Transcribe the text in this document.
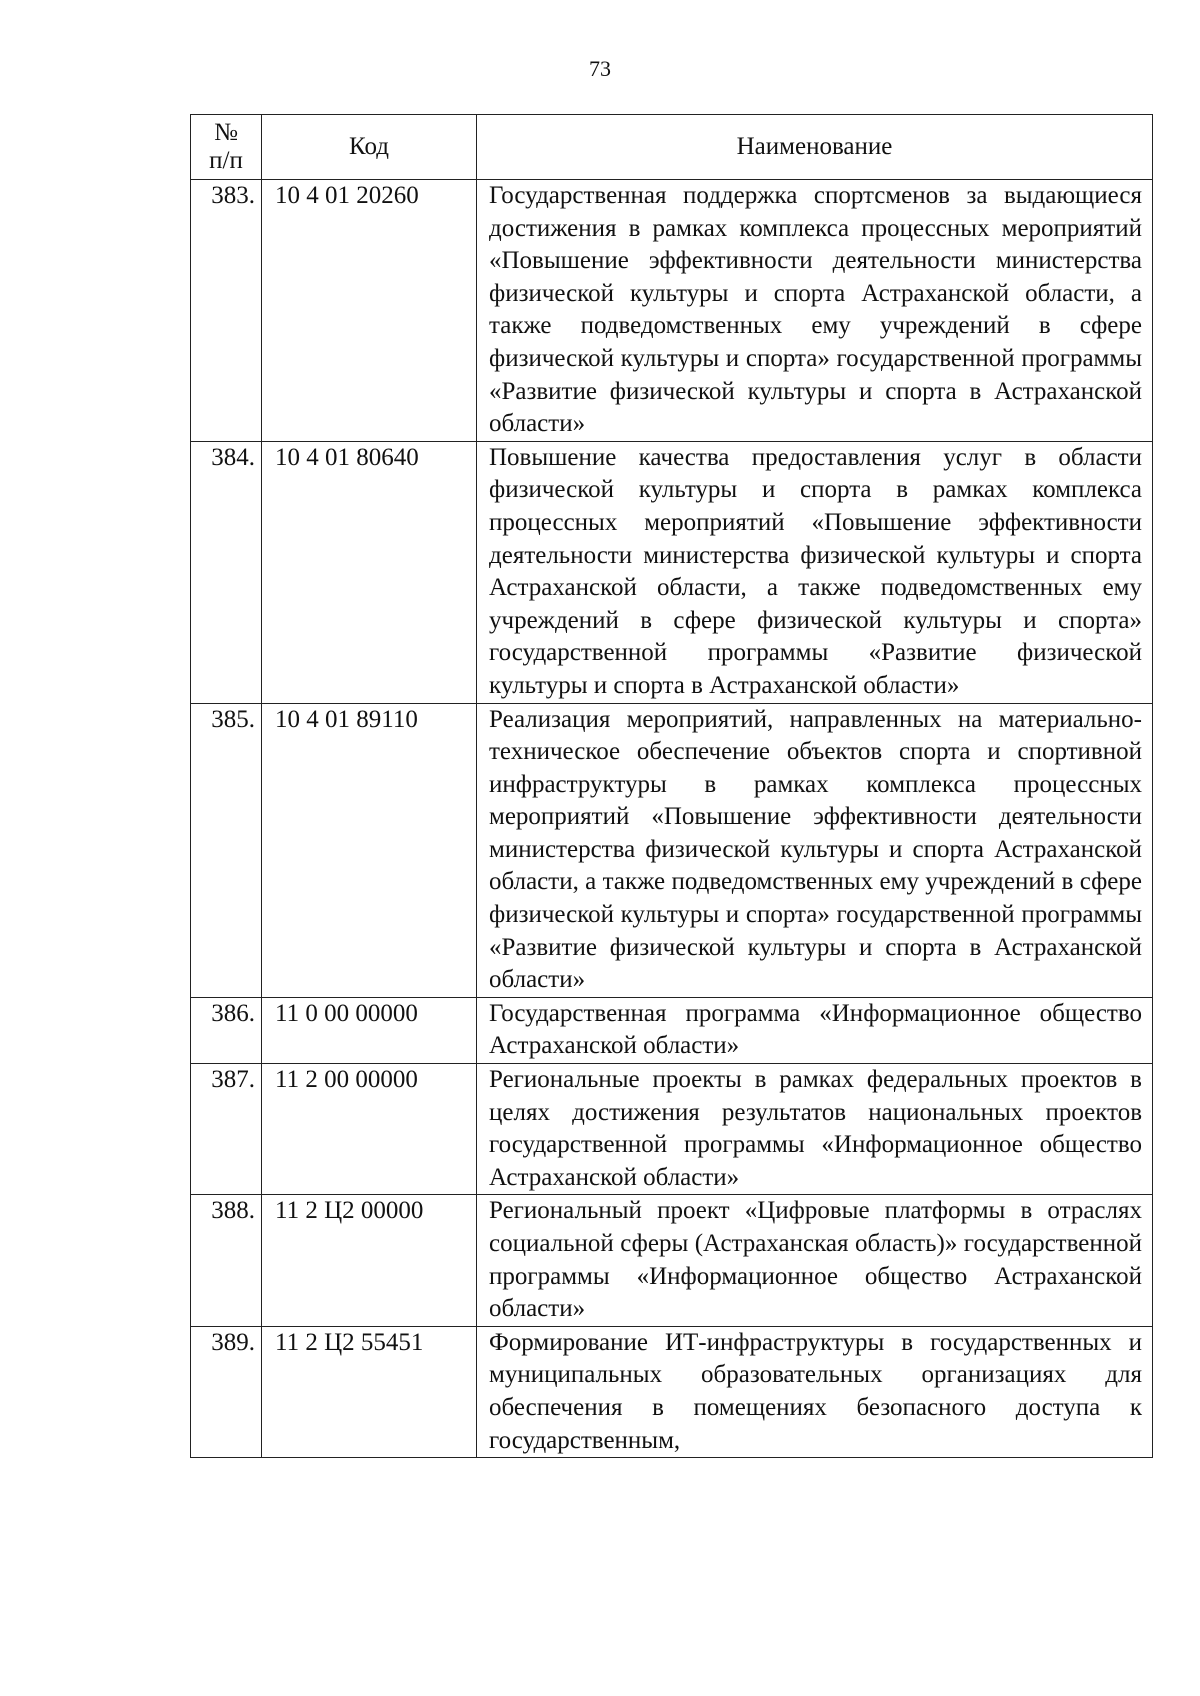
73
№
п/п	Код	Наименование
383.	10 4 01 20260	Государственная поддержка спортсменов за выдающиеся достижения в рамках комплекса процессных мероприятий «Повышение эффективности деятельности министерства физической культуры и спорта Астраханской области, а также подведомственных ему учреждений в сфере физической культуры и спорта» государственной программы «Развитие физической культуры и спорта в Астраханской области»
384.	10 4 01 80640	Повышение качества предоставления услуг в области физической культуры и спорта в рамках комплекса процессных мероприятий «Повышение эффективности деятельности министерства физической культуры и спорта Астраханской области, а также подведомственных ему учреждений в сфере физической культуры и спорта» государственной программы «Развитие физической культуры и спорта в Астраханской области»
385.	10 4 01 89110	Реализация мероприятий, направленных на материально-техническое обеспечение объектов спорта и спортивной инфраструктуры в рамках комплекса процессных мероприятий «Повышение эффективности деятельности министерства физической культуры и спорта Астраханской области, а также подведомственных ему учреждений в сфере физической культуры и спорта» государственной программы «Развитие физической культуры и спорта в Астраханской области»
386.	11 0 00 00000	Государственная программа «Информационное общество Астраханской области»
387.	11 2 00 00000	Региональные проекты в рамках федеральных проектов в целях достижения результатов национальных проектов государственной программы «Информационное общество Астраханской области»
388.	11 2 Ц2 00000	Региональный проект «Цифровые платформы в отраслях социальной сферы (Астраханская область)» государственной программы «Информационное общество Астраханской области»
389.	11 2 Ц2 55451	Формирование ИТ-инфраструктуры в государственных и муниципальных образовательных организациях для обеспечения в помещениях безопасного доступа к государственным,
